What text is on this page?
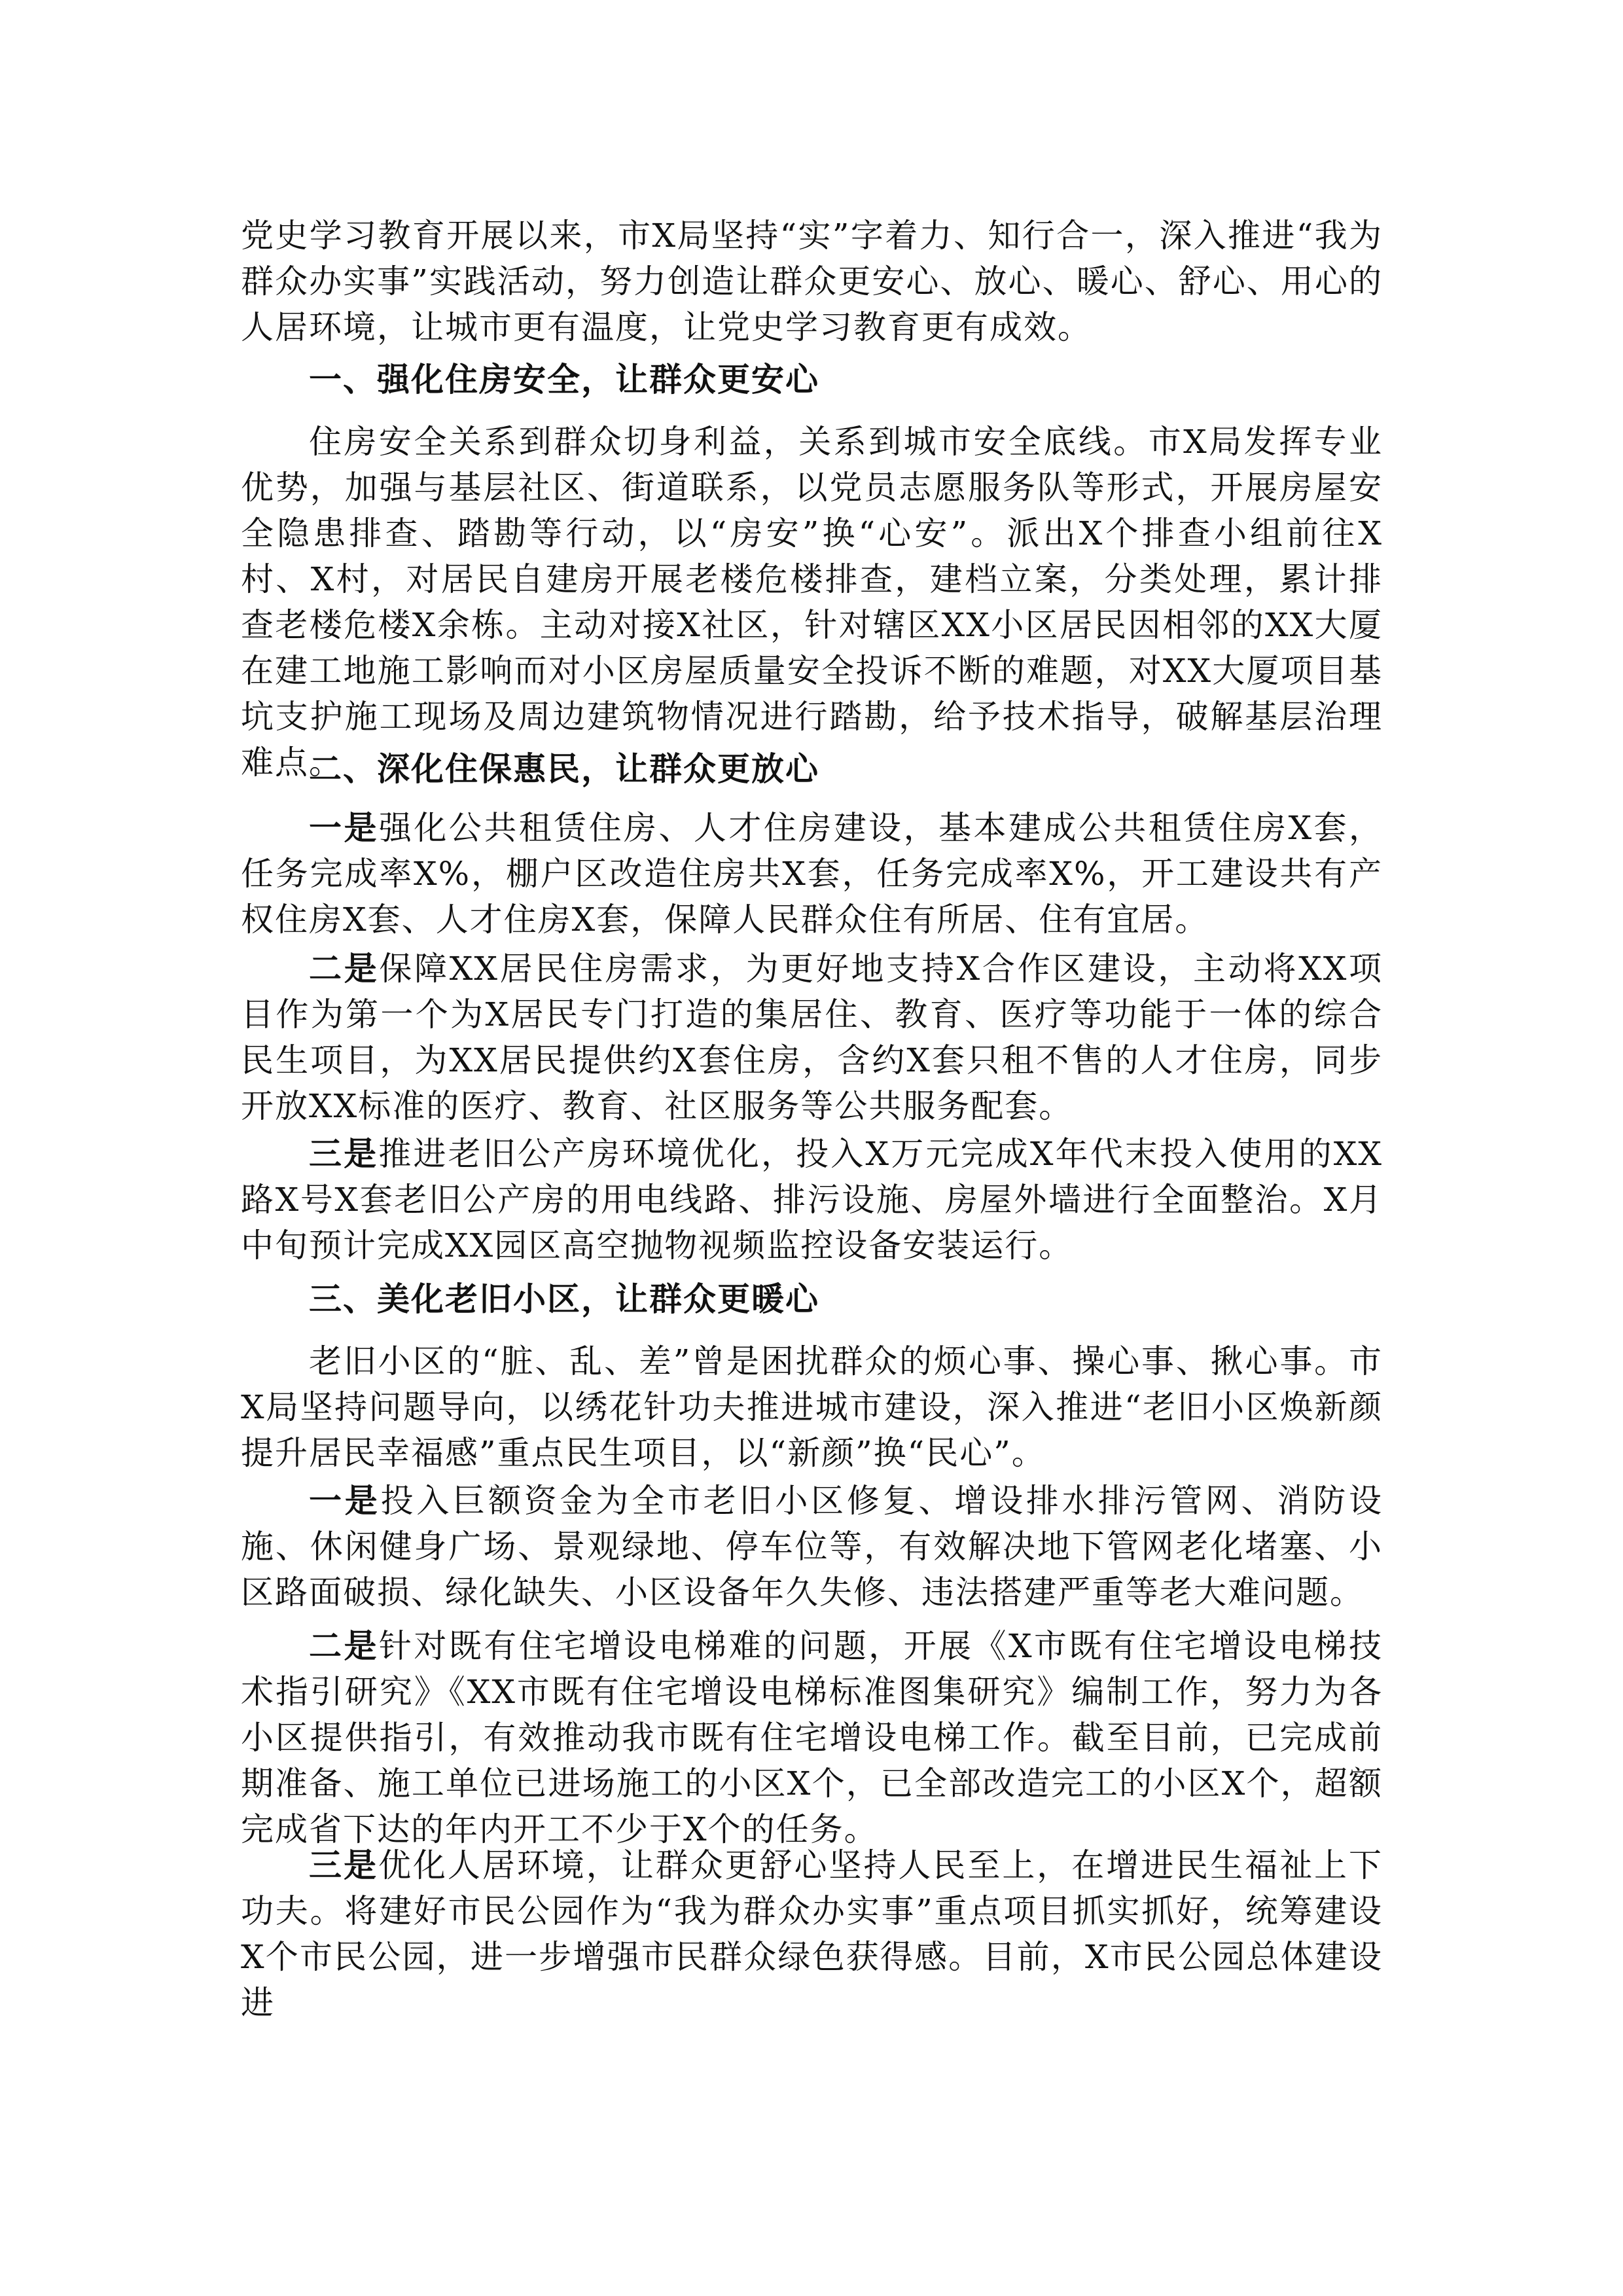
党史学习教育开展以来，市X局坚持“实”字着力、知行合一，深入推进“我为群众办实事”实践活动，努力创造让群众更安心、放心、暖心、舒心、用心的人居环境，让城市更有温度，让党史学习教育更有成效。

一、强化住房安全，让群众更安心

住房安全关系到群众切身利益，关系到城市安全底线。市X局发挥专业优势，加强与基层社区、街道联系，以党员志愿服务队等形式，开展房屋安全隐患排查、踏勘等行动，以“房安”换“心安”。派出X个排查小组前往X村、X村，对居民自建房开展老楼危楼排查，建档立案，分类处理，累计排查老楼危楼X余栋。主动对接X社区，针对辖区XX小区居民因相邻的XX大厦在建工地施工影响而对小区房屋质量安全投诉不断的难题，对XX大厦项目基坑支护施工现场及周边建筑物情况进行踏勘，给予技术指导，破解基层治理难点。

二、深化住保惠民，让群众更放心

一是强化公共租赁住房、人才住房建设，基本建成公共租赁住房X套，任务完成率X%，棚户区改造住房共X套，任务完成率X%，开工建设共有产权住房X套、人才住房X套，保障人民群众住有所居、住有宜居。

二是保障XX居民住房需求，为更好地支持X合作区建设，主动将XX项目作为第一个为X居民专门打造的集居住、教育、医疗等功能于一体的综合民生项目，为XX居民提供约X套住房，含约X套只租不售的人才住房，同步开放XX标准的医疗、教育、社区服务等公共服务配套。

三是推进老旧公产房环境优化，投入X万元完成X年代末投入使用的XX路X号X套老旧公产房的用电线路、排污设施、房屋外墙进行全面整治。X月中旬预计完成XX园区高空抛物视频监控设备安装运行。

三、美化老旧小区，让群众更暖心

老旧小区的“脏、乱、差”曾是困扰群众的烦心事、操心事、揪心事。市X局坚持问题导向，以绣花针功夫推进城市建设，深入推进“老旧小区焕新颜提升居民幸福感”重点民生项目，以“新颜”换“民心”。

一是投入巨额资金为全市老旧小区修复、增设排水排污管网、消防设施、休闲健身广场、景观绿地、停车位等，有效解决地下管网老化堵塞、小区路面破损、绿化缺失、小区设备年久失修、违法搭建严重等老大难问题。

二是针对既有住宅增设电梯难的问题，开展《X市既有住宅增设电梯技术指引研究》《XX市既有住宅增设电梯标准图集研究》编制工作，努力为各小区提供指引，有效推动我市既有住宅增设电梯工作。截至目前，已完成前期准备、施工单位已进场施工的小区X个，已全部改造完工的小区X个，超额完成省下达的年内开工不少于X个的任务。

三是优化人居环境，让群众更舒心坚持人民至上，在增进民生福祉上下功夫。将建好市民公园作为“我为群众办实事”重点项目抓实抓好，统筹建设X个市民公园，进一步增强市民群众绿色获得感。目前，X市民公园总体建设进
